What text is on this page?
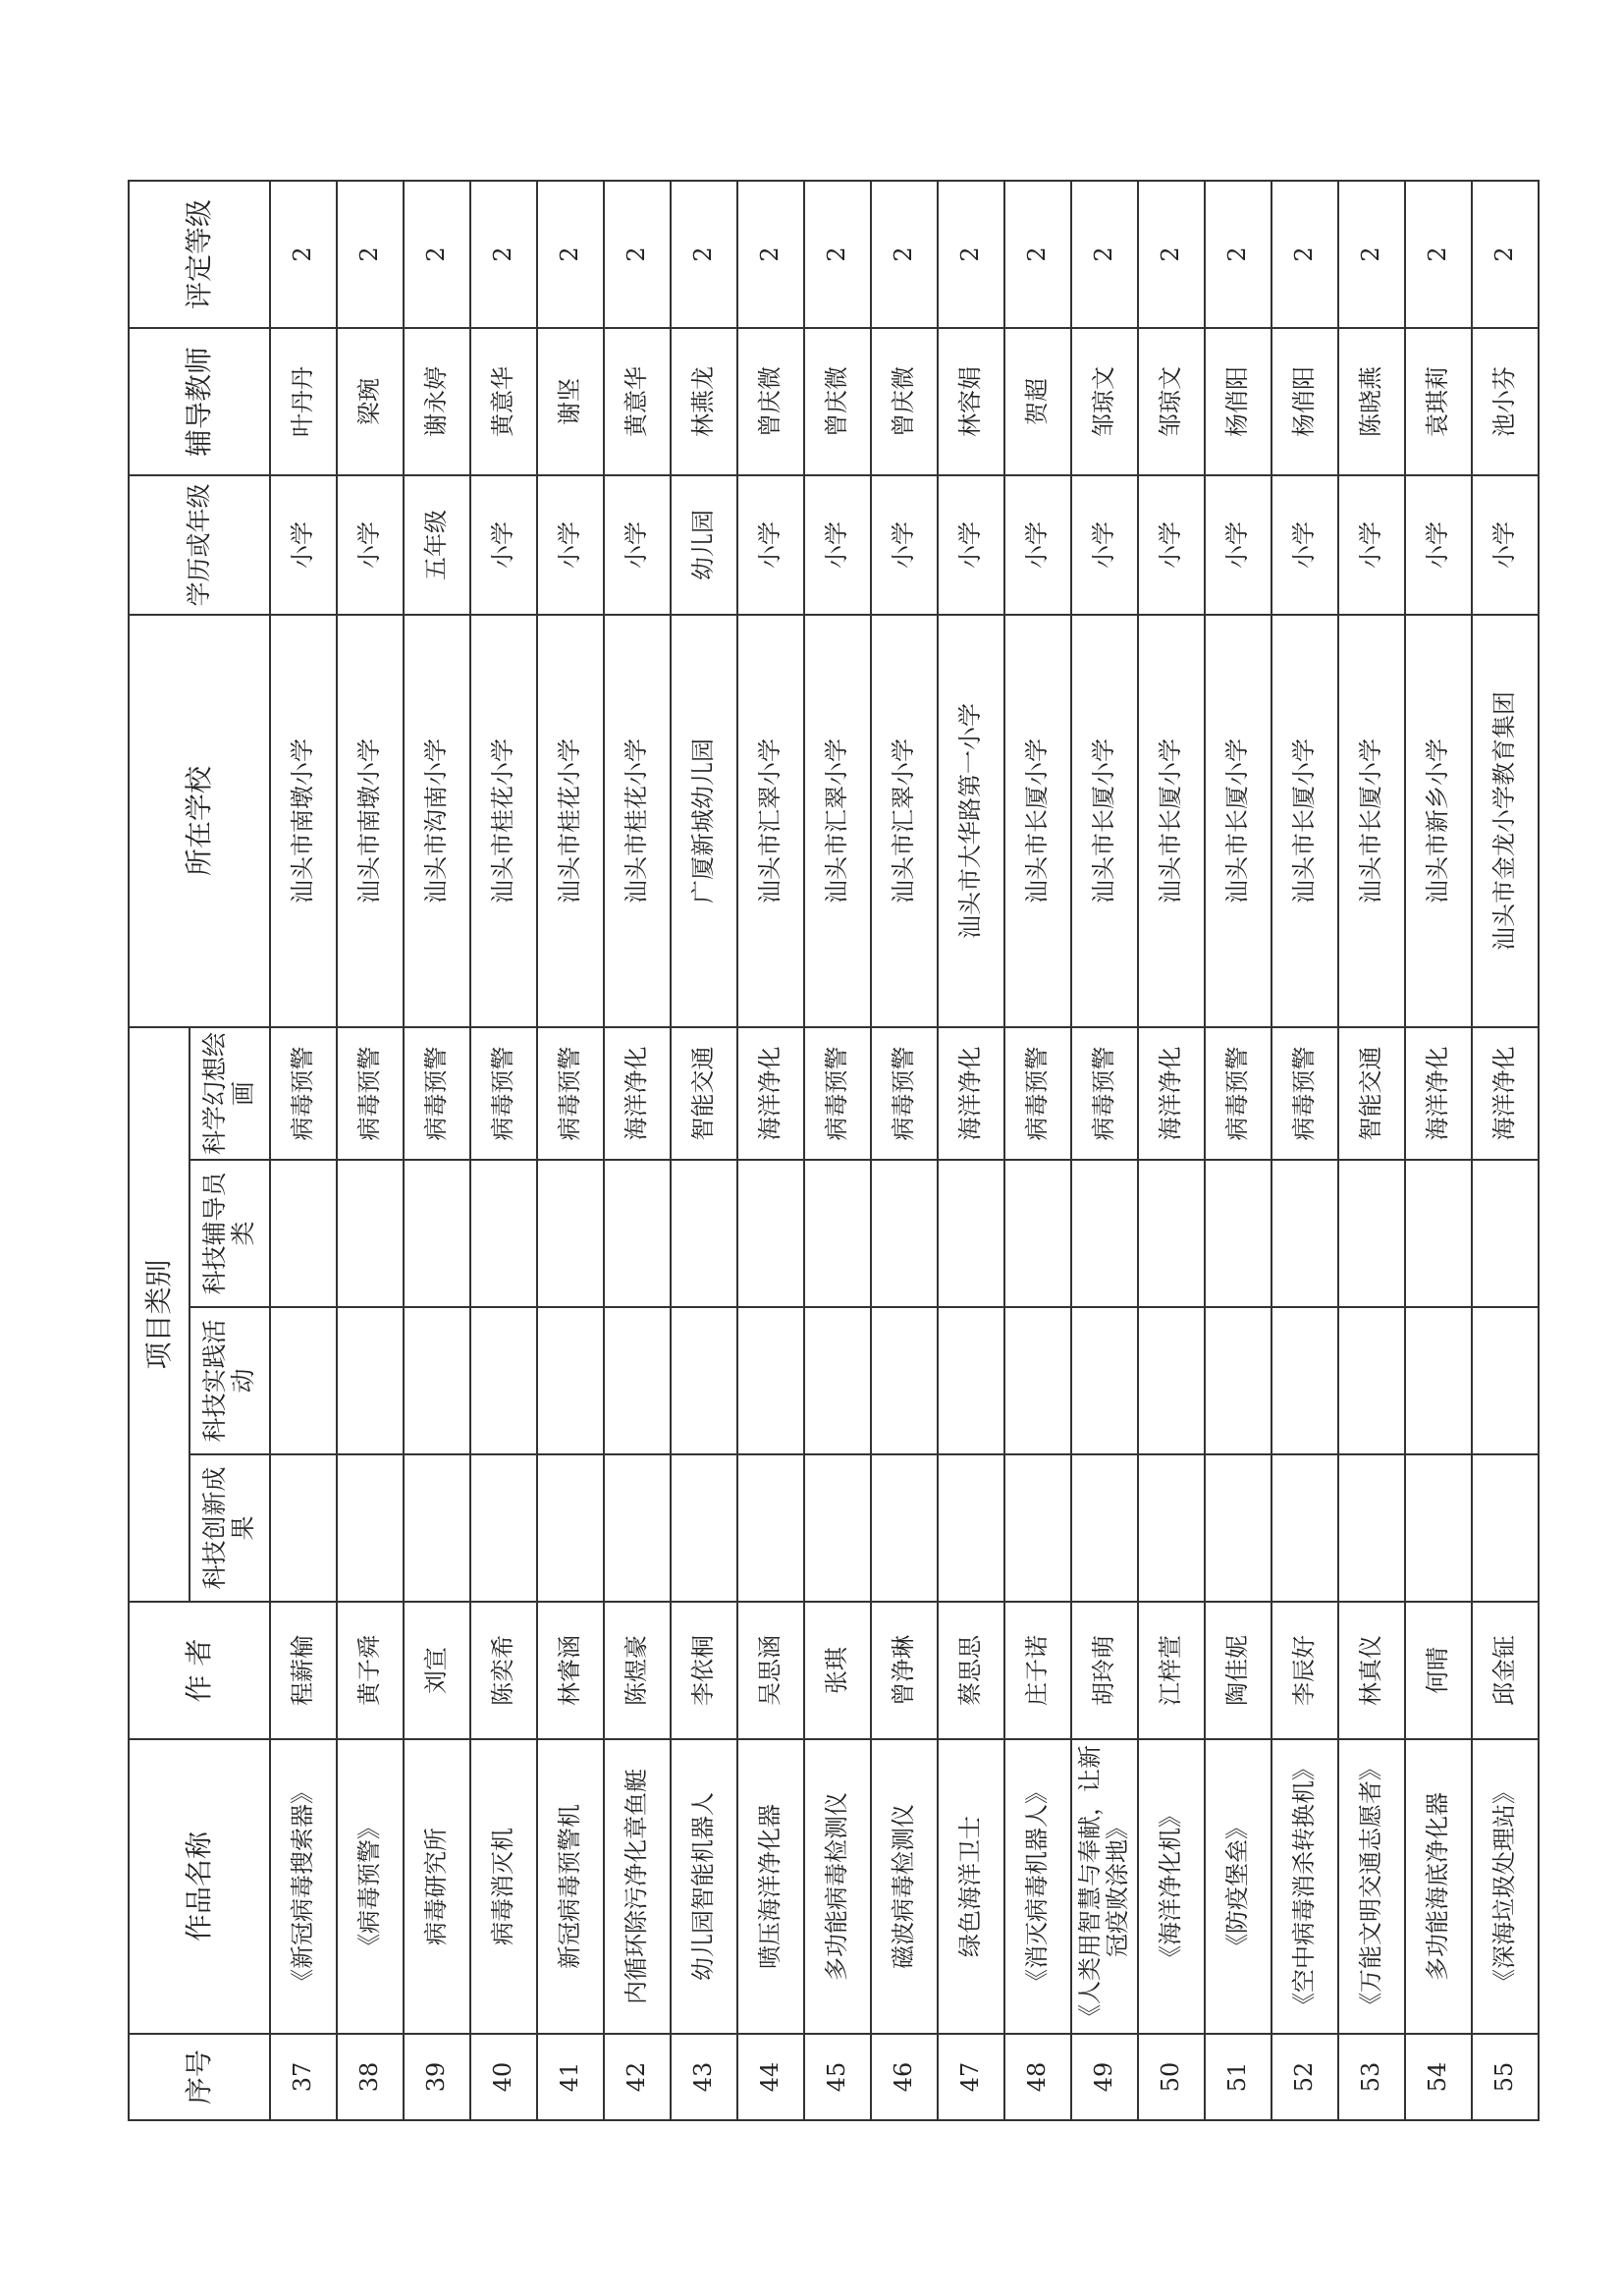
序号	作品名称	作 者	项目类别				所在学校	学历或年级	辅导教师	评定等级
			科技创新成果	科技实践活动	科技辅导员类	科学幻想绘画				
37	《新冠病毒搜索器》	程薪榆				病毒预警	汕头市南墩小学	小学	叶丹丹	2
38	《病毒预警》	黄子舜				病毒预警	汕头市南墩小学	小学	梁琬	2
39	病毒研究所	刘宣				病毒预警	汕头市沟南小学	五年级	谢永婷	2
40	病毒消灭机	陈奕希				病毒预警	汕头市桂花小学	小学	黄意华	2
41	新冠病毒预警机	林睿涵				病毒预警	汕头市桂花小学	小学	谢坚	2
42	内循环除污净化章鱼艇	陈煜豪				海洋净化	汕头市桂花小学	小学	黄意华	2
43	幼儿园智能机器人	李依桐				智能交通	广厦新城幼儿园	幼儿园	林燕龙	2
44	喷压海洋净化器	吴思涵				海洋净化	汕头市汇翠小学	小学	曾庆微	2
45	多功能病毒检测仪	张琪				病毒预警	汕头市汇翠小学	小学	曾庆微	2
46	磁波病毒检测仪	曾浄琳				病毒预警	汕头市汇翠小学	小学	曾庆微	2
47	绿色海洋卫士	蔡思思				海洋净化	汕头市大华路第一小学	小学	林容娟	2
48	《消灭病毒机器人》	庄子诺				病毒预警	汕头市长厦小学	小学	贺超	2
49	《人类用智慧与奉献，让新冠疫败涂地》	胡玲萌				病毒预警	汕头市长厦小学	小学	邹琼文	2
50	《海洋净化机》	江梓萱				海洋净化	汕头市长厦小学	小学	邹琼文	2
51	《防疫堡垒》	陶佳妮				病毒预警	汕头市长厦小学	小学	杨俏阳	2
52	《空中病毒消杀转换机》	李辰好				病毒预警	汕头市长厦小学	小学	杨俏阳	2
53	《万能文明交通志愿者》	林真仪				智能交通	汕头市长厦小学	小学	陈晓燕	2
54	多功能海底净化器	何晴				海洋净化	汕头市新乡小学	小学	袁琪莉	2
55	《深海垃圾处理站》	邱金钲				海洋净化	汕头市金龙小学教育集团	小学	池小芬	2
